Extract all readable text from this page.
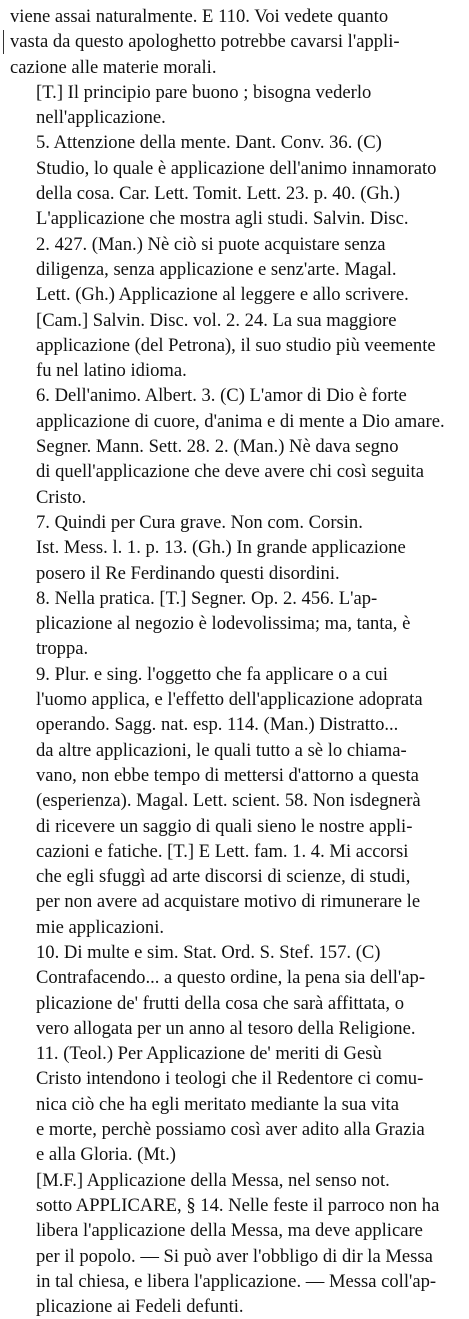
viene assai naturalmente. E 110. Voi vedete quanto
vasta da questo apologhetto potrebbe cavarsi l'appli-
cazione alle materie morali.

[T.] Il principio pare buono ; bisogna vederlo
nell'applicazione.

5. Attenzione della mente. Dant. Conv. 36. (C)
Studio, lo quale è applicazione dell'animo innamorato
della cosa. Car. Lett. Tomit. Lett. 23. p. 40. (Gh.)
L'applicazione che mostra agli studi. Salvin. Disc.
2. 427. (Man.) Nè ciò si puote acquistare senza
diligenza, senza applicazione e senz'arte. Magal.
Lett. (Gh.) Applicazione al leggere e allo scrivere.
[Cam.] Salvin. Disc. vol. 2. 24. La sua maggiore
applicazione (del Petrona), il suo studio più veemente
fu nel latino idioma.

6. Dell'animo. Albert. 3. (C) L'amor di Dio è forte
applicazione di cuore, d'anima e di mente a Dio amare.
Segner. Mann. Sett. 28. 2. (Man.) Nè dava segno
di quell'applicazione che deve avere chi così seguita
Cristo.

7. Quindi per Cura grave. Non com. Corsin.
Ist. Mess. l. 1. p. 13. (Gh.) In grande applicazione
posero il Re Ferdinando questi disordini.

8. Nella pratica. [T.] Segner. Op. 2. 456. L'ap-
plicazione al negozio è lodevolissima; ma, tanta, è
troppa.

9. Plur. e sing. l'oggetto che fa applicare o a cui
l'uomo applica, e l'effetto dell'applicazione adoprata
operando. Sagg. nat. esp. 114. (Man.) Distratto...
da altre applicazioni, le quali tutto a sè lo chiama-
vano, non ebbe tempo di mettersi d'attorno a questa
(esperienza). Magal. Lett. scient. 58. Non isdegnerà
di ricevere un saggio di quali sieno le nostre appli-
cazioni e fatiche. [T.] E Lett. fam. 1. 4. Mi accorsi
che egli sfuggì ad arte discorsi di scienze, di studi,
per non avere ad acquistare motivo di rimunerare le
mie applicazioni.

10. Di multe e sim. Stat. Ord. S. Stef. 157. (C)
Contrafacendo... a questo ordine, la pena sia dell'ap-
plicazione de' frutti della cosa che sarà affittata, o
vero allogata per un anno al tesoro della Religione.

11. (Teol.) Per Applicazione de' meriti di Gesù
Cristo intendono i teologi che il Redentore ci comu-
nica ciò che ha egli meritato mediante la sua vita
e morte, perchè possiamo così aver adito alla Grazia
e alla Gloria. (Mt.)

[M.F.] Applicazione della Messa, nel senso not.
sotto APPLICARE, § 14. Nelle feste il parroco non ha
libera l'applicazione della Messa, ma deve applicare
per il popolo. — Si può aver l'obbligo di dir la Messa
in tal chiesa, e libera l'applicazione. — Messa coll'ap-
plicazione ai Fedeli defunti.
